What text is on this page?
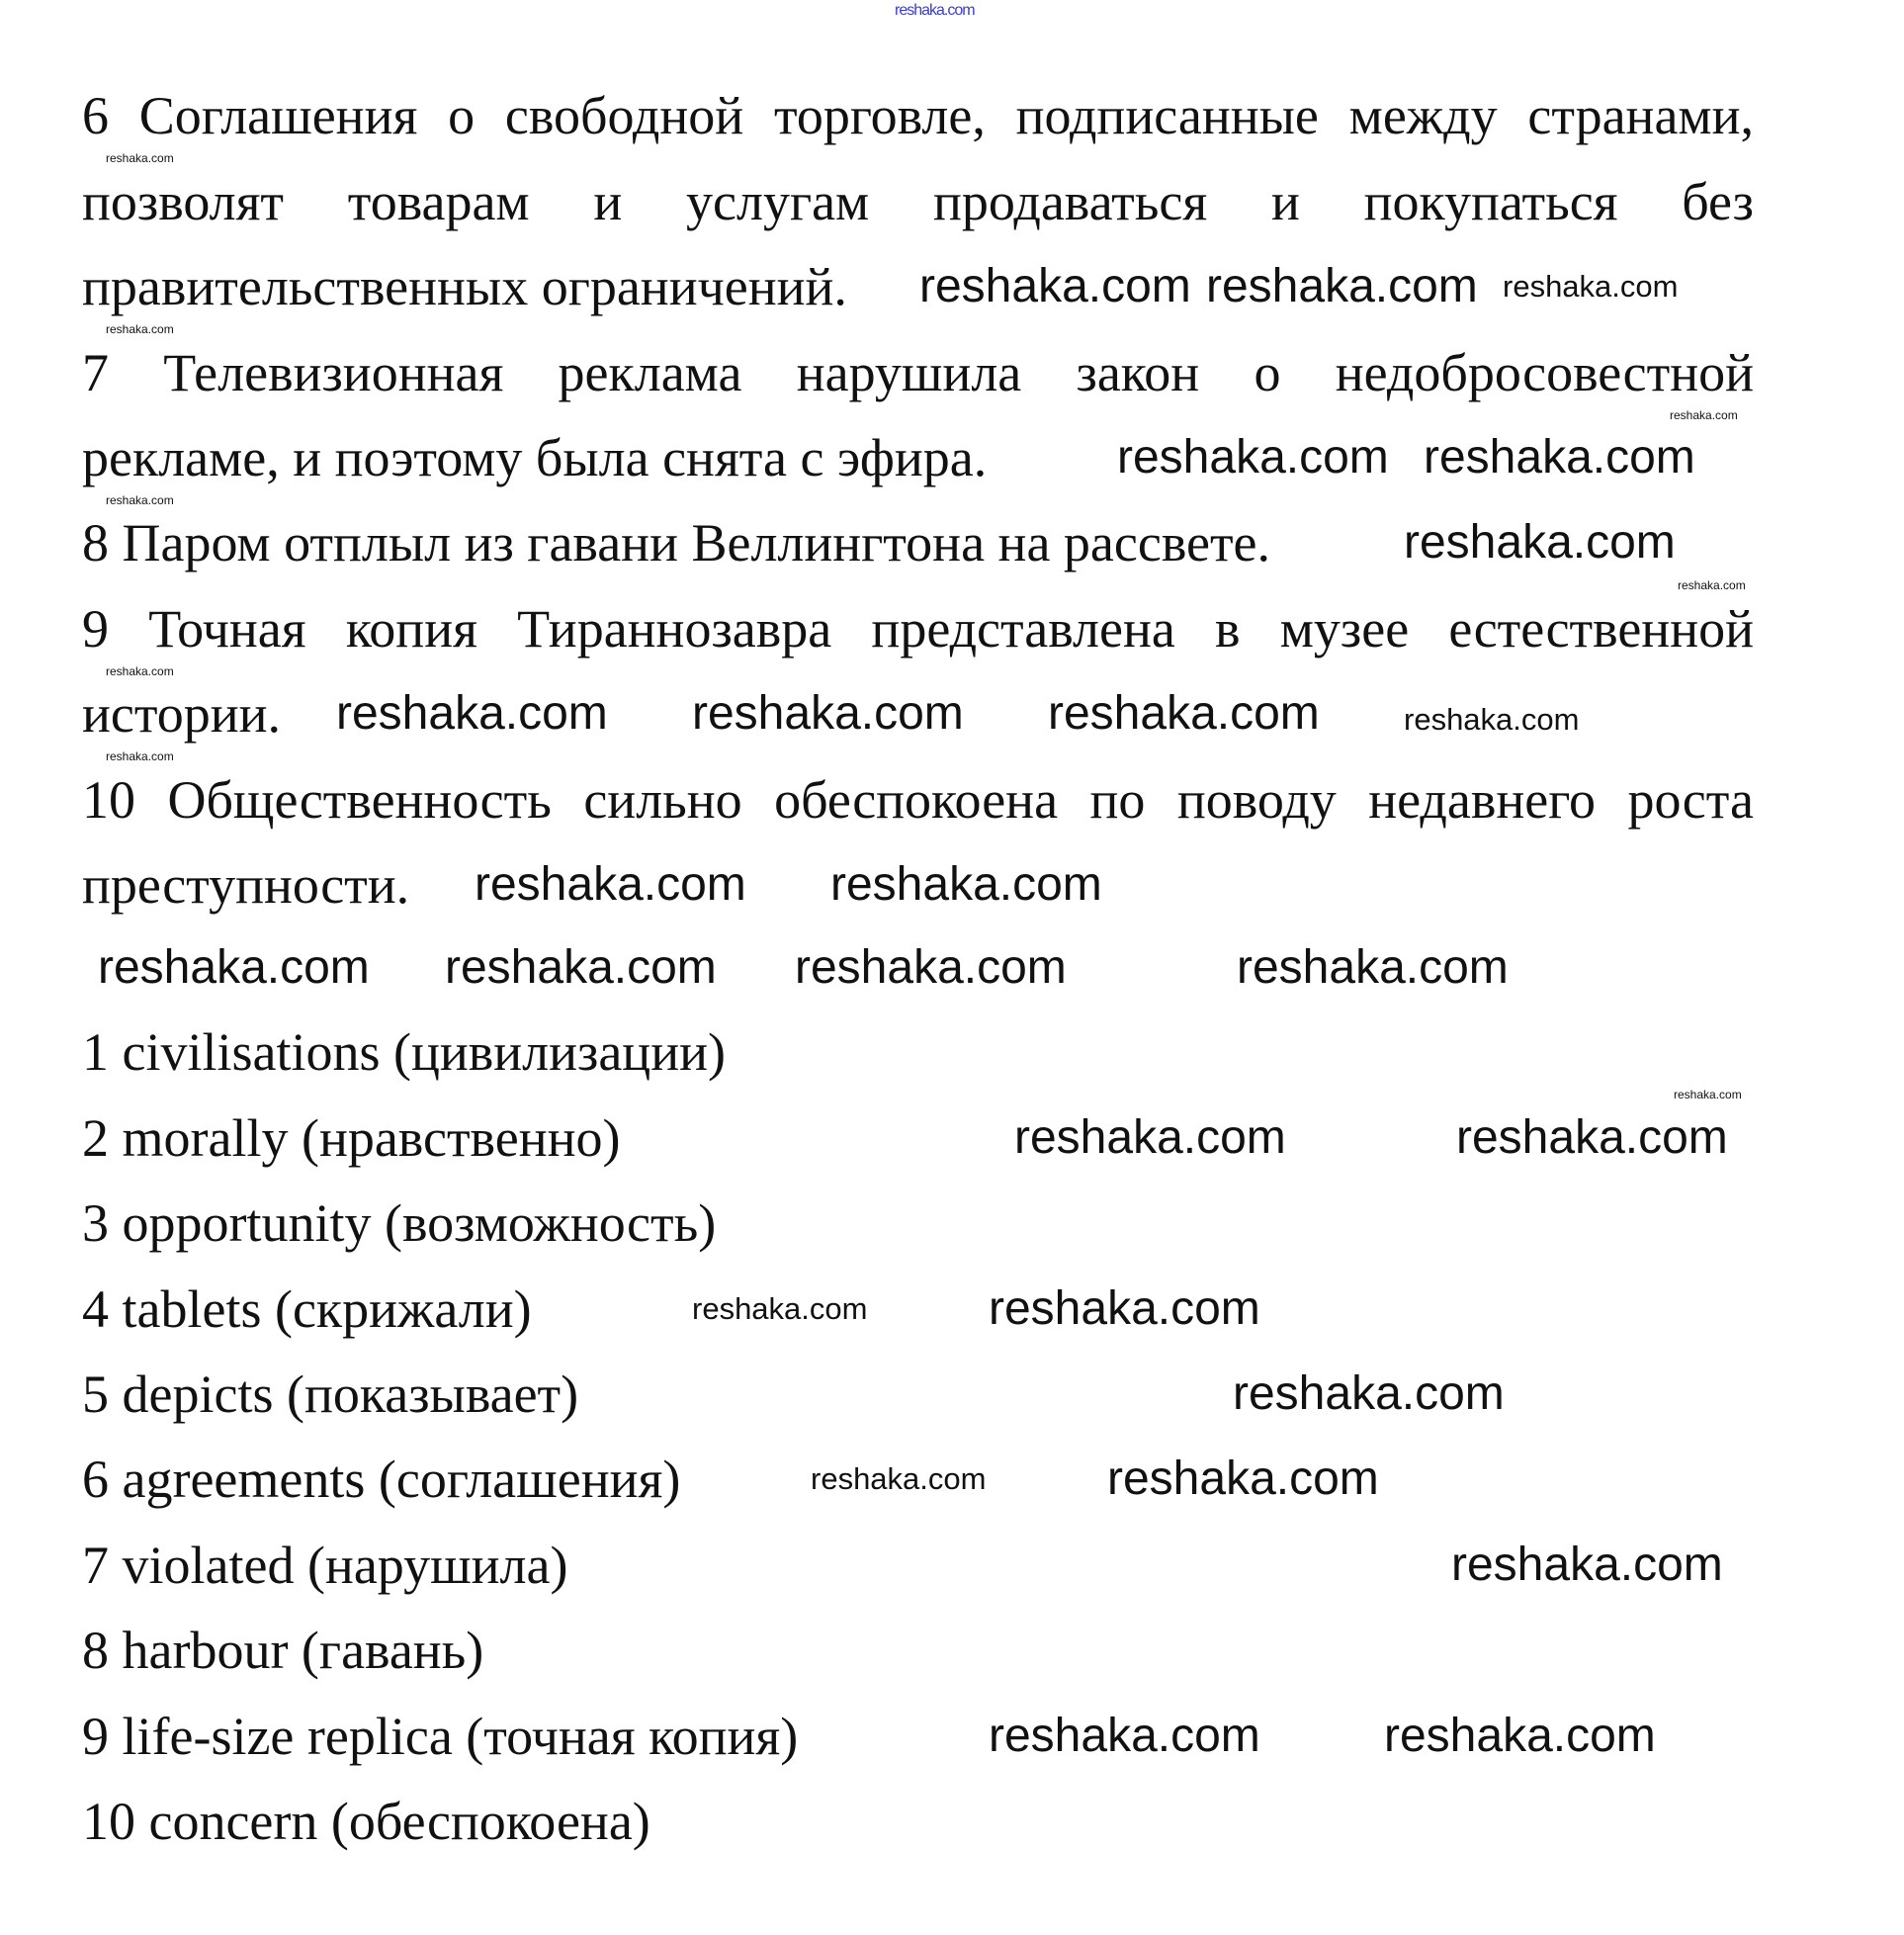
6 Соглашения о свободной торговле, подписанные между странами,
позволят товарам и услугам продаваться и покупаться без
правительственных ограничений.
7 Телевизионная реклама нарушила закон о недобросовестной
рекламе, и поэтому была снята с эфира.
8 Паром отплыл из гавани Веллингтона на рассвете.
9 Точная копия Тираннозавра представлена в музее естественной
истории.
10 Общественность сильно обеспокоена по поводу недавнего роста
преступности.
1 civilisations (цивилизации)
2 morally (нравственно)
3 opportunity (возможность)
4 tablets (скрижали)
5 depicts (показывает)
6 agreements (соглашения)
7 violated (нарушила)
8 harbour (гавань)
9 life-size replica (точная копия)
10 concern (обеспокоена)
reshaka.com
reshaka.com reshaka.com reshaka.com
reshaka.com reshaka.com
reshaka.com
reshaka.com reshaka.com reshaka.com	reshaka.com
reshaka.com reshaka.com
reshaka.com reshaka.com reshaka.com	reshaka.com
reshaka.com	reshaka.com
reshaka.com	reshaka.com
reshaka.com
reshaka.com	reshaka.com
reshaka.com
reshaka.com	reshaka.com
reshaka.com
reshaka.com
reshaka.com
reshaka.com
reshaka.com
reshaka.com
reshaka.com
reshaka.com
